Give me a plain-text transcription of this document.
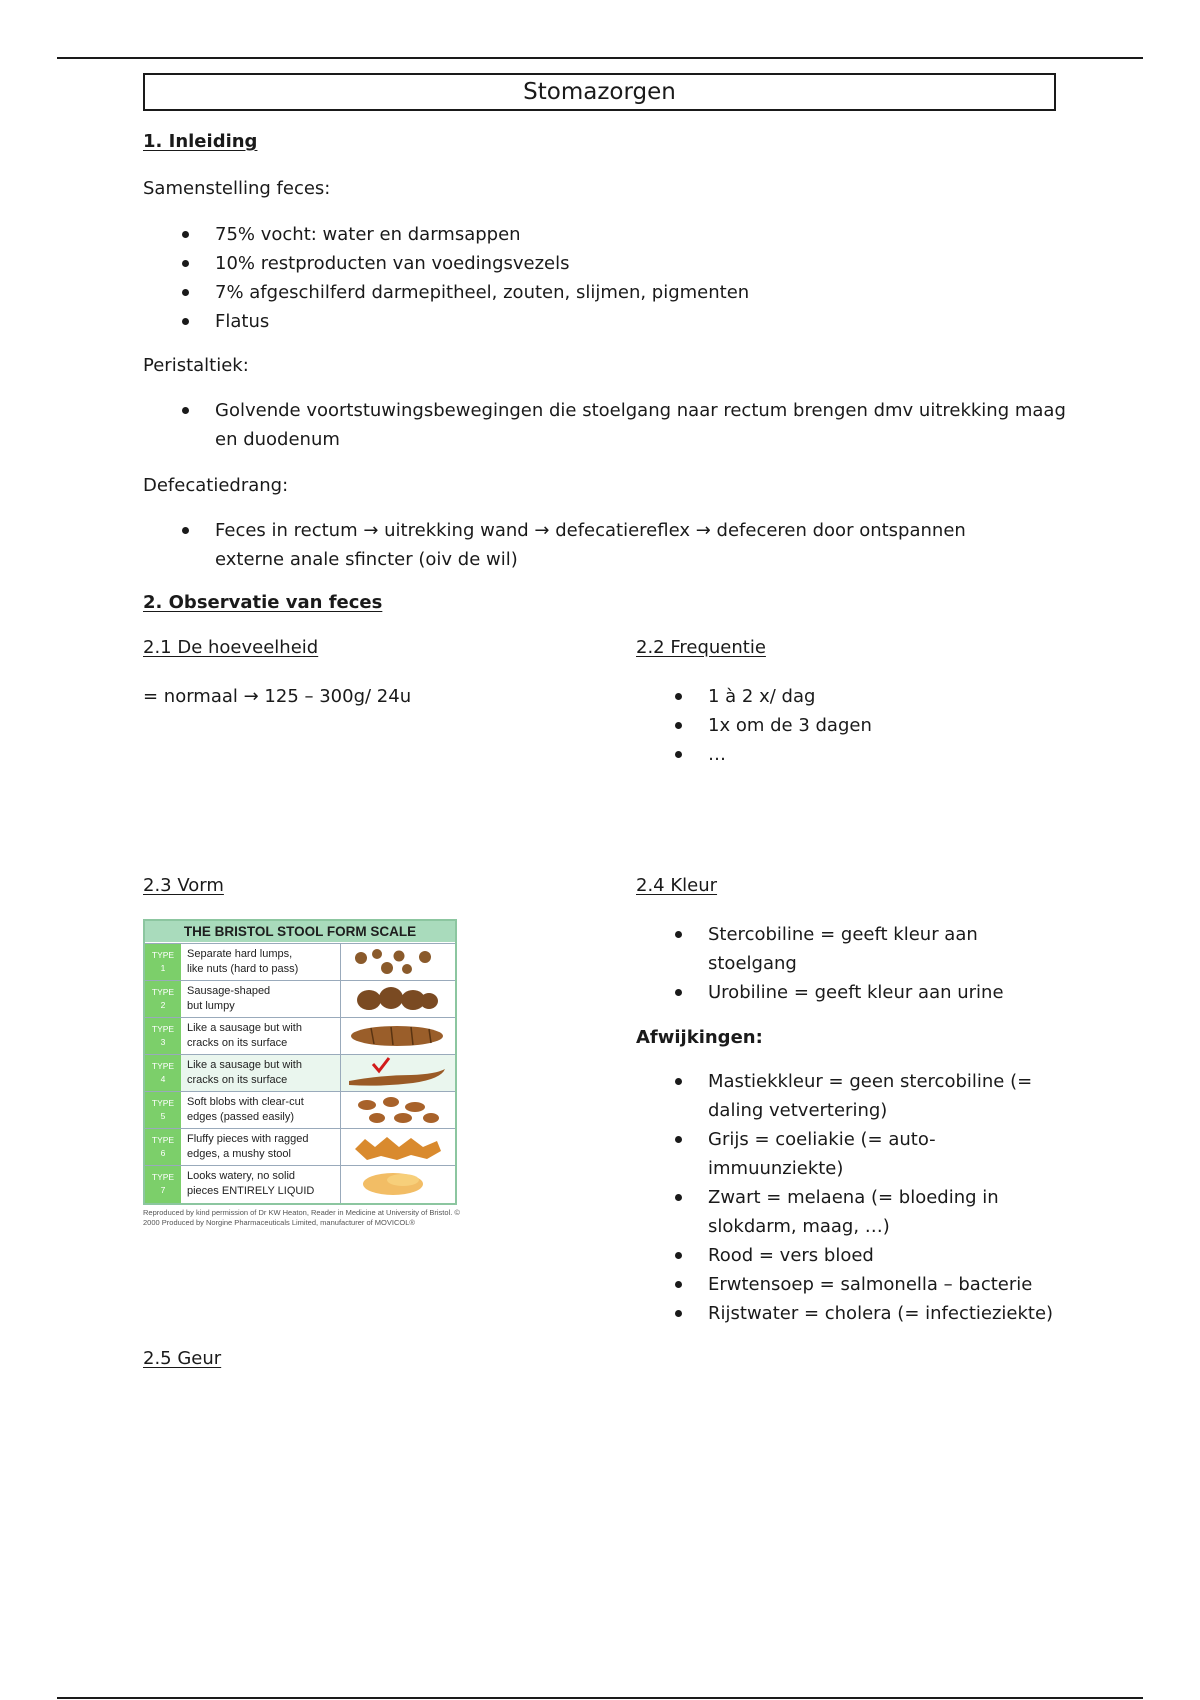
Stomazorgen
1. Inleiding
Samenstelling feces:
75% vocht: water en darmsappen
10% restproducten van voedingsvezels
7% afgeschilferd darmepitheel, zouten, slijmen, pigmenten
Flatus
Peristaltiek:
Golvende voortstuwingsbewegingen die stoelgang naar rectum brengen dmv uitrekking maag
en duodenum
Defecatiedrang:
Feces in rectum → uitrekking wand → defecatiereflex → defeceren door ontspannen
externe anale sfincter (oiv de wil)
2. Observatie van feces
2.1 De hoeveelheid
= normaal → 125 – 300g/ 24u
2.2 Frequentie
1 à 2 x/ dag
1x om de 3 dagen
…
2.3 Vorm
THE BRISTOL STOOL FORM SCALE
TYPE
1
Separate hard lumps,
like nuts (hard to pass)
TYPE
2
Sausage-shaped
but lumpy
TYPE
3
Like a sausage but with
cracks on its surface
TYPE
4
Like a sausage but with
cracks on its surface
TYPE
5
Soft blobs with clear-cut
edges (passed easily)
TYPE
6
Fluffy pieces with ragged
edges, a mushy stool
TYPE
7
Looks watery, no solid
pieces ENTIRELY LIQUID
Reproduced by kind permission of Dr KW Heaton, Reader in Medicine at University of Bristol. © 2000 Produced by Norgine Pharmaceuticals Limited, manufacturer of MOVICOL®
2.4 Kleur
Stercobiline = geeft kleur aan
stoelgang
Urobiline = geeft kleur aan urine
Afwijkingen:
Mastiekkleur = geen stercobiline (=
daling vetvertering)
Grijs = coeliakie (= auto-
immuunziekte)
Zwart = melaena (= bloeding in
slokdarm, maag, …)
Rood = vers bloed
Erwtensoep = salmonella – bacterie
Rijstwater = cholera (= infectieziekte)
2.5 Geur
